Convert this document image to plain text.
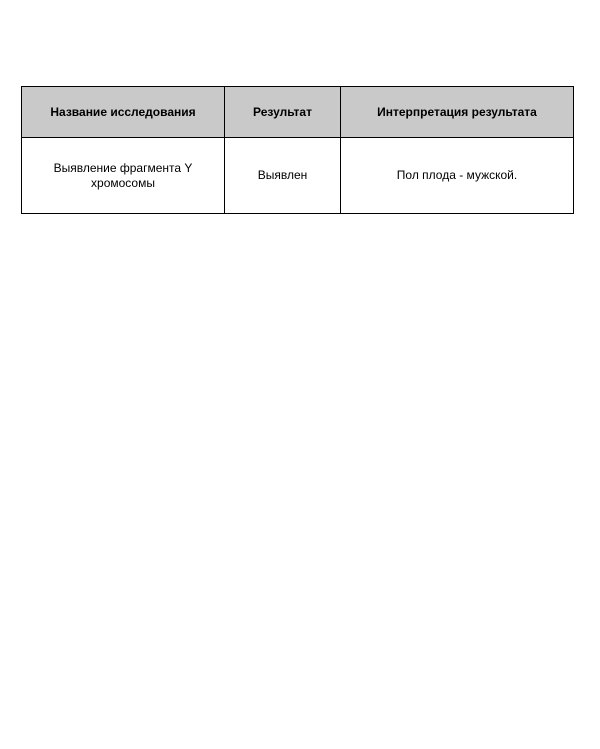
Название исследования	Результат	Интерпретация результата
Выявление фрагмента Y хромосомы	Выявлен	Пол плода - мужской.
